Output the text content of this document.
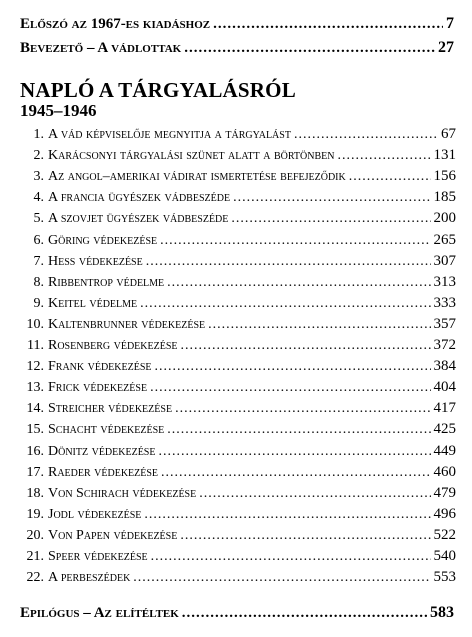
Előszó az 1967-es kiadáshoz .....	7
Bevezető – A vádlottak .....	27
NAPLÓ A TÁRGYALÁSRÓL
1945–1946
1. A vád képviselője megnyitja a tárgyalást .....	67
2. Karácsonyi tárgyalási szünet alatt a börtönben .....	131
3. Az angol–amerikai vádirat ismertetése befejeződik .....	156
4. A francia ügyészek vádbeszéde .....	185
5. A szovjet ügyészek vádbeszéde .....	200
6. Göring védekezése .....	265
7. Hess védekezése .....	307
8. Ribbentrop védelme .....	313
9. Keitel védelme .....	333
10. Kaltenbrunner védekezése .....	357
11. Rosenberg védekezése .....	372
12. Frank védekezése .....	384
13. Frick védekezése .....	404
14. Streicher védekezése .....	417
15. Schacht védekezése .....	425
16. Dönitz védekezése .....	449
17. Raeder védekezése .....	460
18. Von Schirach védekezése .....	479
19. Jodl védekezése .....	496
20. Von Papen védekezése .....	522
21. Speer védekezése .....	540
22. A perbeszédek .....	553
Epilógus – Az elítéltek .....	583
